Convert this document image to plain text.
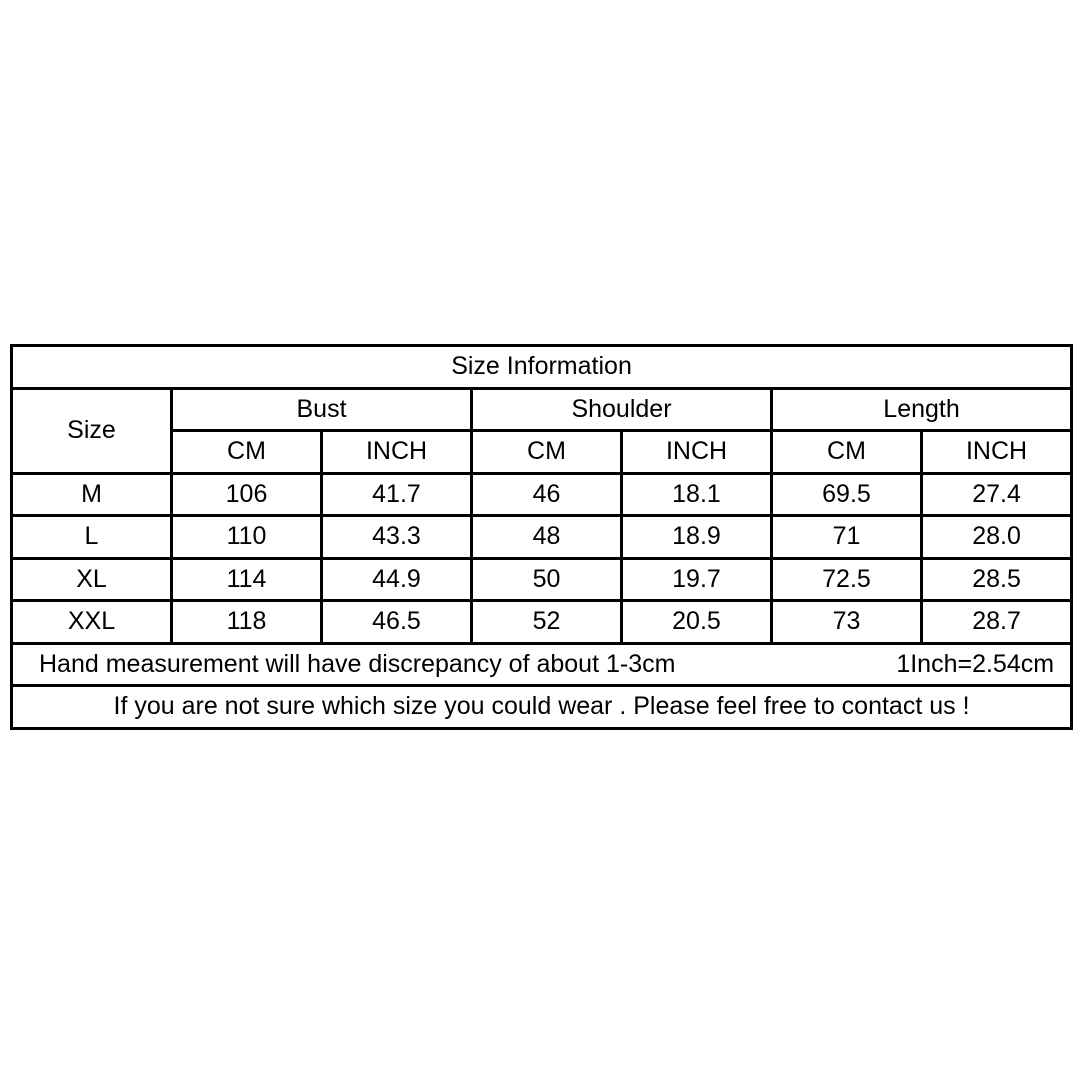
Size Information						
Size	Bust		Shoulder		Length	
	CM	INCH	CM	INCH	CM	INCH
M	106	41.7	46	18.1	69.5	27.4
L	110	43.3	48	18.9	71	28.0
XL	114	44.9	50	19.7	72.5	28.5
XXL	118	46.5	52	20.5	73	28.7

Hand measurement will have discrepancy of about 1-3cm 1Inch=2.54cm						

If you are not sure which size you could wear . Please feel free to contact us !						
